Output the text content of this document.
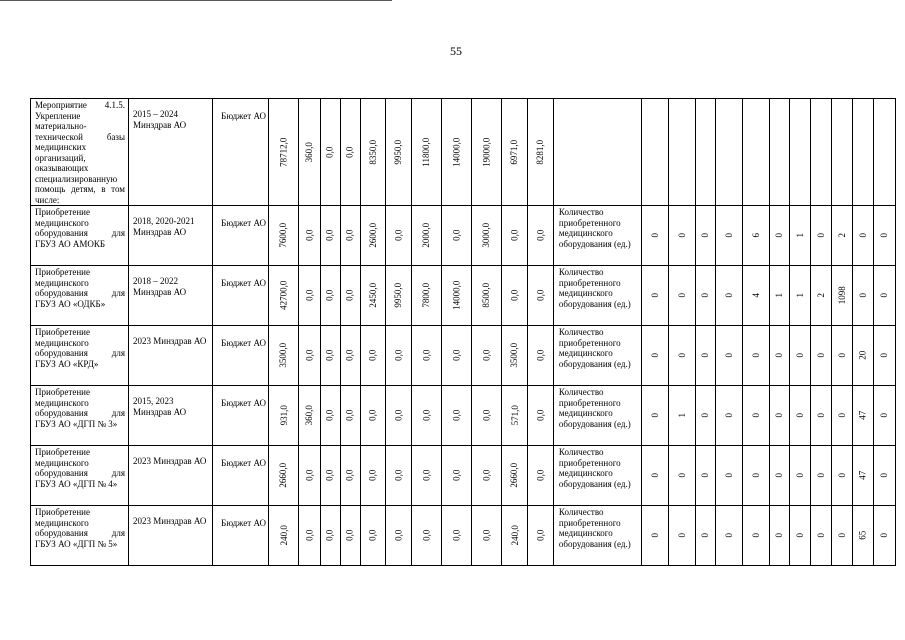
55
Мероприятие 4.1.5. Укрепление материально-технической базы медицинских организаций, оказывающих специализированную помощь детям, в том числе:	2015 – 2024 Минздрав АО	Бюджет АО	78712,0	360,0	0,0	0,0	8350,0	9950,0	11800,0	14000,0	19000,0	6971,0	8281,0												
Приобретение медицинского оборудования для ГБУЗ АО АМОКБ	2018, 2020-2021 Минздрав АО	Бюджет АО	7600,0	0,0	0,0	0,0	2600,0	0,0	2000,0	0,0	3000,0	0,0	0,0	Количество приобретенного медицинского оборудования (ед.)	0	0	0	0	6	0	1	0	2	0	0
Приобретение медицинского оборудования для ГБУЗ АО «ОДКБ»	2018 – 2022 Минздрав АО	Бюджет АО	42700,0	0,0	0,0	0,0	2450,0	9950,0	7800,0	14000,0	8500,0	0,0	0,0	Количество приобретенного медицинского оборудования (ед.)	0	0	0	0	4	1	1	2	1098	0	0
Приобретение медицинского оборудования для ГБУЗ АО «КРД»	2023 Минздрав АО	Бюджет АО	3500,0	0,0	0,0	0,0	0,0	0,0	0,0	0,0	0,0	3500,0	0,0	Количество приобретенного медицинского оборудования (ед.)	0	0	0	0	0	0	0	0	0	20	0
Приобретение медицинского оборудования для ГБУЗ АО «ДГП № 3»	2015, 2023 Минздрав АО	Бюджет АО	931,0	360,0	0,0	0,0	0,0	0,0	0,0	0,0	0,0	571,0	0,0	Количество приобретенного медицинского оборудования (ед.)	0	1	0	0	0	0	0	0	0	47	0
Приобретение медицинского оборудования для ГБУЗ АО «ДГП № 4»	2023 Минздрав АО	Бюджет АО	2660,0	0,0	0,0	0,0	0,0	0,0	0,0	0,0	0,0	2660,0	0,0	Количество приобретенного медицинского оборудования (ед.)	0	0	0	0	0	0	0	0	0	47	0
Приобретение медицинского оборудования для ГБУЗ АО «ДГП № 5»	2023 Минздрав АО	Бюджет АО	240,0	0,0	0,0	0,0	0,0	0,0	0,0	0,0	0,0	240,0	0,0	Количество приобретенного медицинского оборудования (ед.)	0	0	0	0	0	0	0	0	0	65	0
